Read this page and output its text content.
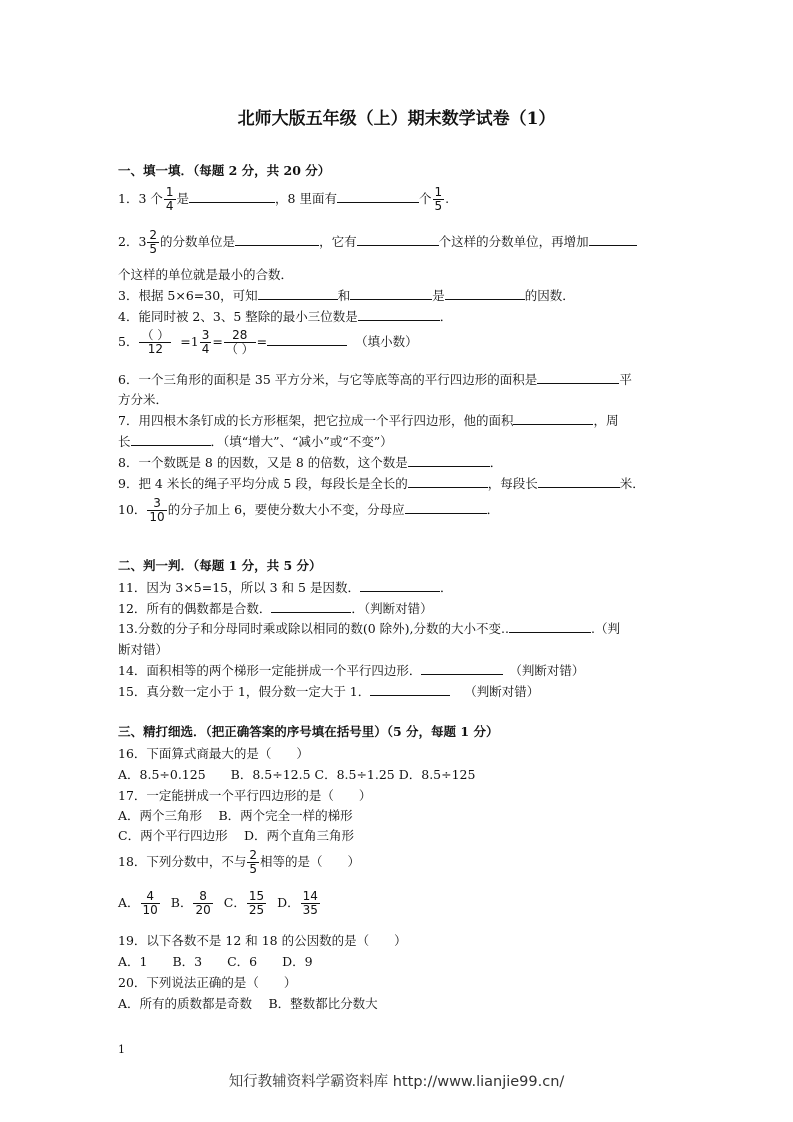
北师大版五年级（上）期末数学试卷（1）
一、填一填．（每题 2 分，共 20 分）
1．3 个 $\frac{1}{4}$ 是	，8 里面有	个 $\frac{1}{5}$ .
2．$3 \frac{2}{5}$ 的分数单位是	，它有	个这样的分数单位，再增加
个这样的单位就是最小的合数．
3．根据 5×6=30，可知	和	是	的因数．
4．能同时被 2、3、5 整除的最小三位数是	．
5． $\frac{( )}{12} =1 \frac{3}{4} = \frac{28}{( )}$ =	（填小数）
6．一个三角形的面积是 35 平方分米，与它等底等高的平行四边形的面积是	平
方分米．
7．用四根木条钉成的长方形框架，把它拉成一个平行四边形，他的面积	，周
长	．（填“增大”、“减小”或“不变”）
8．一个数既是 8 的因数，又是 8 的倍数，这个数是	．
9．把 4 米长的绳子平均分成 5 段，每段长是全长的	，每段长	米．
10． $\frac{3}{10}$ 的分子加上 6，要使分数大小不变，分母应	．
二、判一判．（每题 1 分，共 5 分）
11．因为 3×5=15，所以 3 和 5 是因数．	．
12．所有的偶数都是合数．	．（判断对错）
13.分数的分子和分母同时乘或除以相同的数(0 除外),分数的大小不变..	.（判
断对错）
14．面积相等的两个梯形一定能拼成一个平行四边形．	（判断对错）
15．真分数一定小于 1，假分数一定大于 1．	（判断对错）
三、精打细选．（把正确答案的序号填在括号里）（5 分，每题 1 分）
16．下面算式商最大的是（　　）
A．8.5÷0.125　　B．8.5÷12.5 C．8.5÷1.25 D．8.5÷125
17．一定能拼成一个平行四边形的是（　　）
A．两个三角形　 B．两个完全一样的梯形
C．两个平行四边形　 D．两个直角三角形
18．下列分数中，不与 $\frac{2}{5}$ 相等的是（　　）
A． $\frac{4}{10}$ B． $\frac{8}{20}$ C． $\frac{15}{25}$ D． $\frac{14}{35}$
19．以下各数不是 12 和 18 的公因数的是（　　）
A．1　　B．3　　C．6　　D．9
20．下列说法正确的是（　　）
A．所有的质数都是奇数　 B．整数都比分数大
1
知行教辅资料学霸资料库 http://www.lianjie99.cn/
